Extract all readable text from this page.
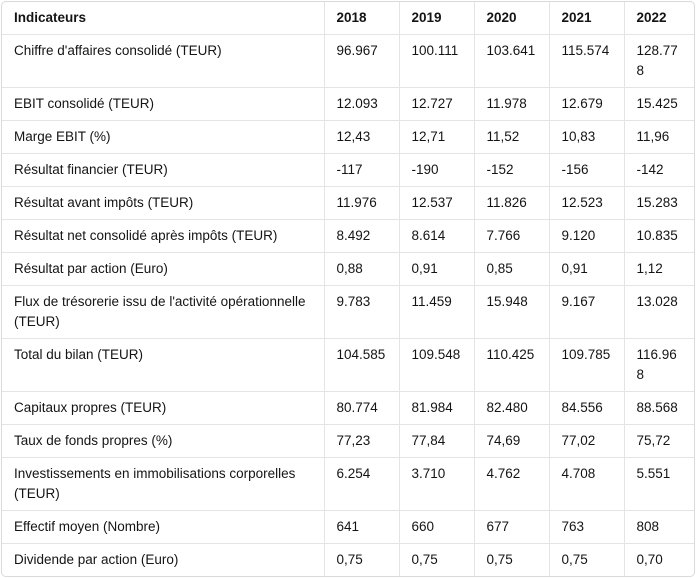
Indicateurs	2018	2019	2020	2021	2022
Chiffre d'affaires consolidé (TEUR)	96.967	100.111	103.641	115.574	128.778
EBIT consolidé (TEUR)	12.093	12.727	11.978	12.679	15.425
Marge EBIT (%)	12,43	12,71	11,52	10,83	11,96
Résultat financier (TEUR)	-117	-190	-152	-156	-142
Résultat avant impôts (TEUR)	11.976	12.537	11.826	12.523	15.283
Résultat net consolidé après impôts (TEUR)	8.492	8.614	7.766	9.120	10.835
Résultat par action (Euro)	0,88	0,91	0,85	0,91	1,12
Flux de trésorerie issu de l'activité opérationnelle (TEUR)	9.783	11.459	15.948	9.167	13.028
Total du bilan (TEUR)	104.585	109.548	110.425	109.785	116.968
Capitaux propres (TEUR)	80.774	81.984	82.480	84.556	88.568
Taux de fonds propres (%)	77,23	77,84	74,69	77,02	75,72
Investissements en immobilisations corporelles (TEUR)	6.254	3.710	4.762	4.708	5.551
Effectif moyen (Nombre)	641	660	677	763	808
Dividende par action (Euro)	0,75	0,75	0,75	0,75	0,70
